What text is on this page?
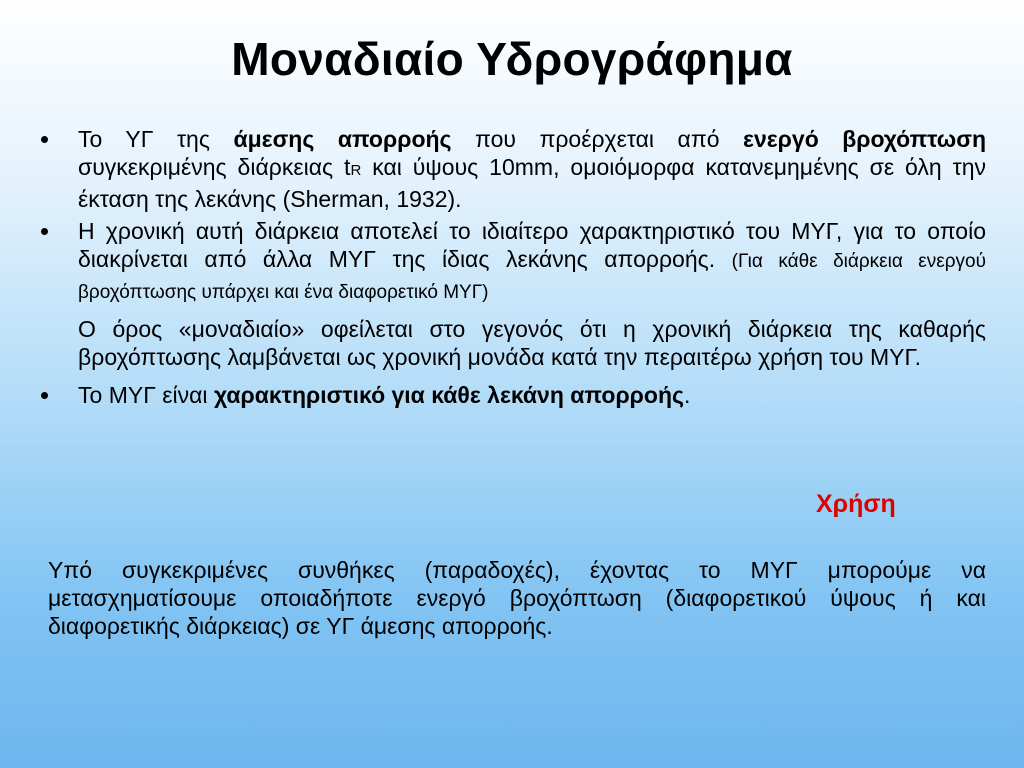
Μοναδιαίο Υδρογράφημα
Το ΥΓ της άμεσης απορροής που προέρχεται από ενεργό βροχόπτωση συγκεκριμένης διάρκειας tR και ύψους 10mm, ομοιόμορφα κατανεμημένης σε όλη την έκταση της λεκάνης (Sherman, 1932).
Η χρονική αυτή διάρκεια αποτελεί το ιδιαίτερο χαρακτηριστικό του ΜΥΓ, για το οποίο διακρίνεται από άλλα ΜΥΓ της ίδιας λεκάνης απορροής. (Για κάθε διάρκεια ενεργού βροχόπτωσης υπάρχει και ένα διαφορετικό ΜΥΓ)
Ο όρος «μοναδιαίο» οφείλεται στο γεγονός ότι η χρονική διάρκεια της καθαρής βροχόπτωσης λαμβάνεται ως χρονική μονάδα κατά την περαιτέρω χρήση του ΜΥΓ.
Το ΜΥΓ είναι χαρακτηριστικό για κάθε λεκάνη απορροής.
Χρήση
Υπό συγκεκριμένες συνθήκες (παραδοχές), έχοντας το ΜΥΓ μπορούμε να μετασχηματίσουμε οποιαδήποτε ενεργό βροχόπτωση (διαφορετικού ύψους ή και διαφορετικής διάρκειας) σε ΥΓ άμεσης απορροής.
